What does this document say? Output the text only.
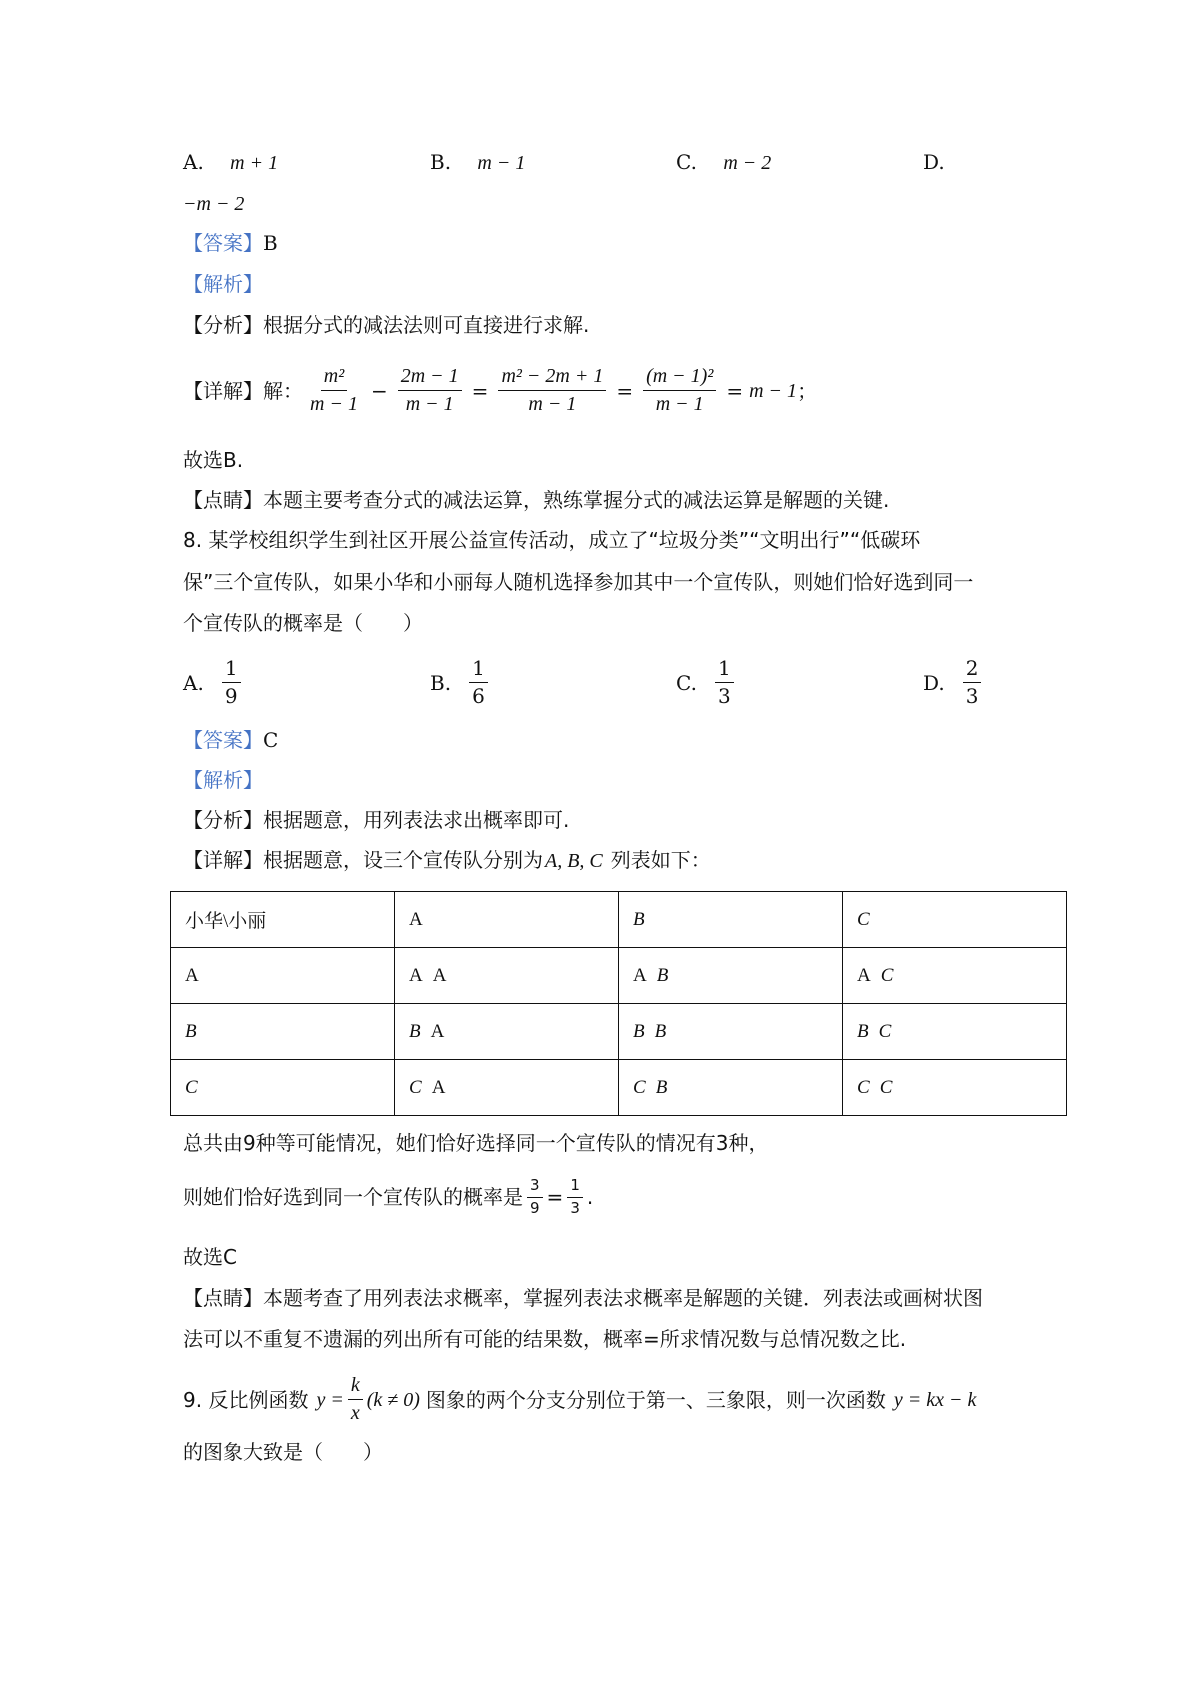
A. m + 1	B. m − 1	C. m − 2	D.
−m − 2
【答案】B
【解析】
【分析】根据分式的减法法则可直接进行求解.
【详解】 解： $\frac{\text{m²}}{m - 1} - \frac{2m - 1}{m - 1} = \frac{\text{m² − 2m + 1}}{m - 1} = \frac{\text{(m − 1)²}}{m - 1} = m - 1$ ；
故选B.
【点睛】本题主要考查分式的减法运算，熟练掌握分式的减法运算是解题的关键.
8. 某学校组织学生到社区开展公益宣传活动，成立了“垃圾分类”“文明出行”“低碳环
保”三个宣传队，如果小华和小丽每人随机选择参加其中一个宣传队，则她们恰好选到同一
个宣传队的概率是（　　）
A. $\frac{1}{9}$	B. $\frac{1}{6}$	C. $\frac{1}{3}$	D. $\frac{2}{3}$
【答案】C
【解析】
【分析】根据题意，用列表法求出概率即可.
【详解】根据题意，设三个宣传队分别为 A, B, C 列表如下：
小华\小丽	A	B	C
A	A A	A B	A C
B	B A	B B	B C
C	C A	C B	C C
总共由9种等可能情况，她们恰好选择同一个宣传队的情况有3种，
则她们恰好选到同一个宣传队的概率是 $\frac{3}{9} = \frac{1}{3}$ .
故选C
【点睛】本题考查了用列表法求概率，掌握列表法求概率是解题的关键．列表法或画树状图
法可以不重复不遗漏的列出所有可能的结果数，概率=所求情况数与总情况数之比.
9. 反比例函数 $y = \frac{k}{x} (k \ne 0)$ 图象的两个分支分别位于第一、三象限，则一次函数 y = kx − k
的图象大致是（　　）
